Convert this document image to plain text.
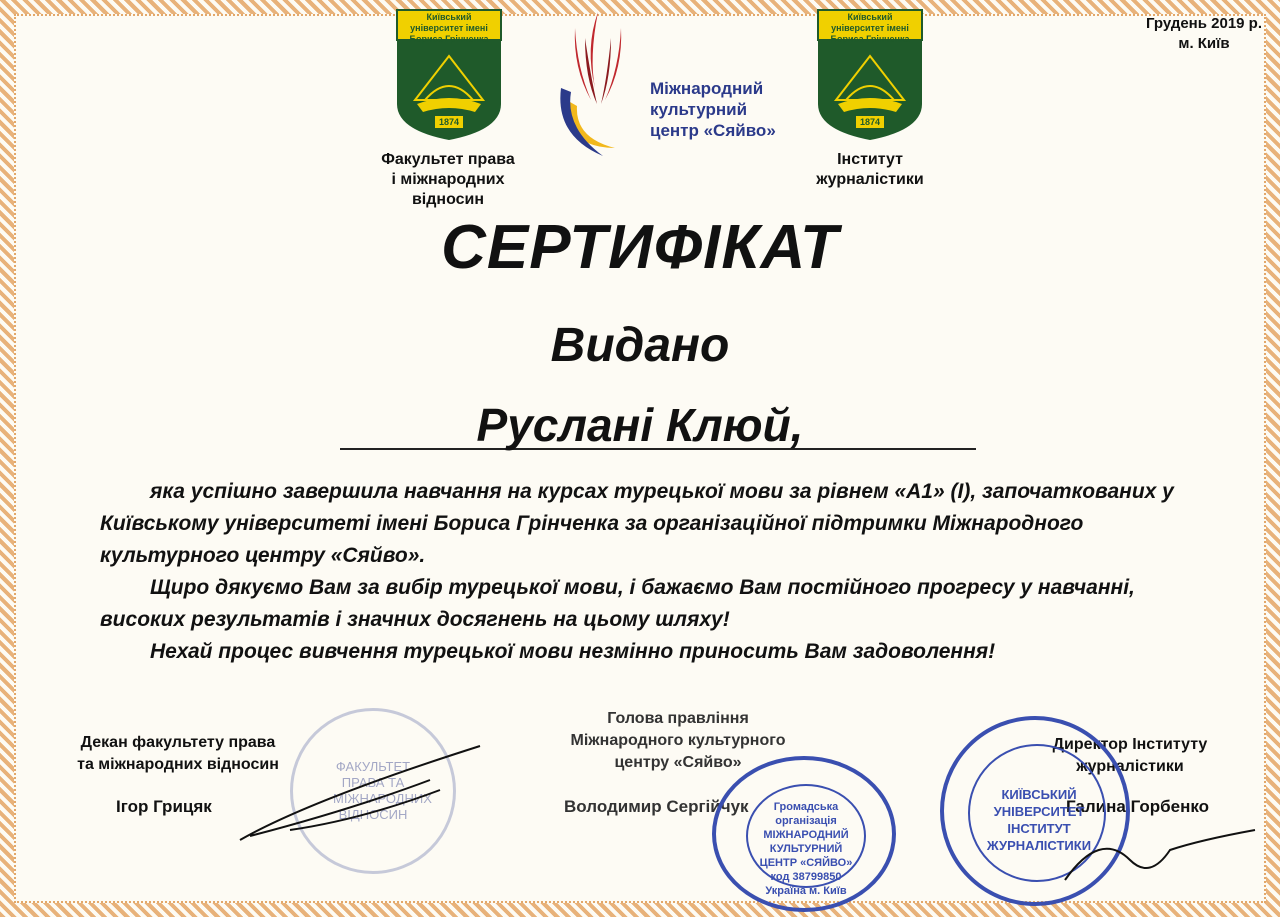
Грудень 2019 р.
м. Київ
Київський університет імені Бориса Грінченка
1874
Факультет права
і міжнародних
відносин
Міжнародний
культурний
центр «Сяйво»
Київський університет імені Бориса Грінченка
1874
Інститут
журналістики
СЕРТИФІКАТ
Видано
Руслані Клюй,

яка успішно завершила навчання на курсах турецької мови за рівнем «А1» (І), започаткованих у Київському університеті імені Бориса Грінченка за організаційної підтримки Міжнародного культурного центру «Сяйво».

Щиро дякуємо Вам за вибір турецької мови, і бажаємо Вам постійного прогресу у навчанні, високих результатів і значних досягнень на цьому шляху!

Нехай процес вивчення турецької мови незмінно приносить Вам задоволення!

Декан факультету права
та міжнародних відносин
Ігор Грицяк
ФАКУЛЬТЕТ ПРАВА ТА МІЖНАРОДНИХ ВІДНОСИН
Голова правління
Міжнародного культурного
центру «Сяйво»
Володимир Сергійчук	Громадська організація МІЖНАРОДНИЙ КУЛЬТУРНИЙ ЦЕНТР «СЯЙВО» код 38799850 Україна м. Київ
Директор Інституту
журналістики
Галина Горбенко
КИЇВСЬКИЙ УНІВЕРСИТЕТ ІНСТИТУТ ЖУРНАЛІСТИКИ
